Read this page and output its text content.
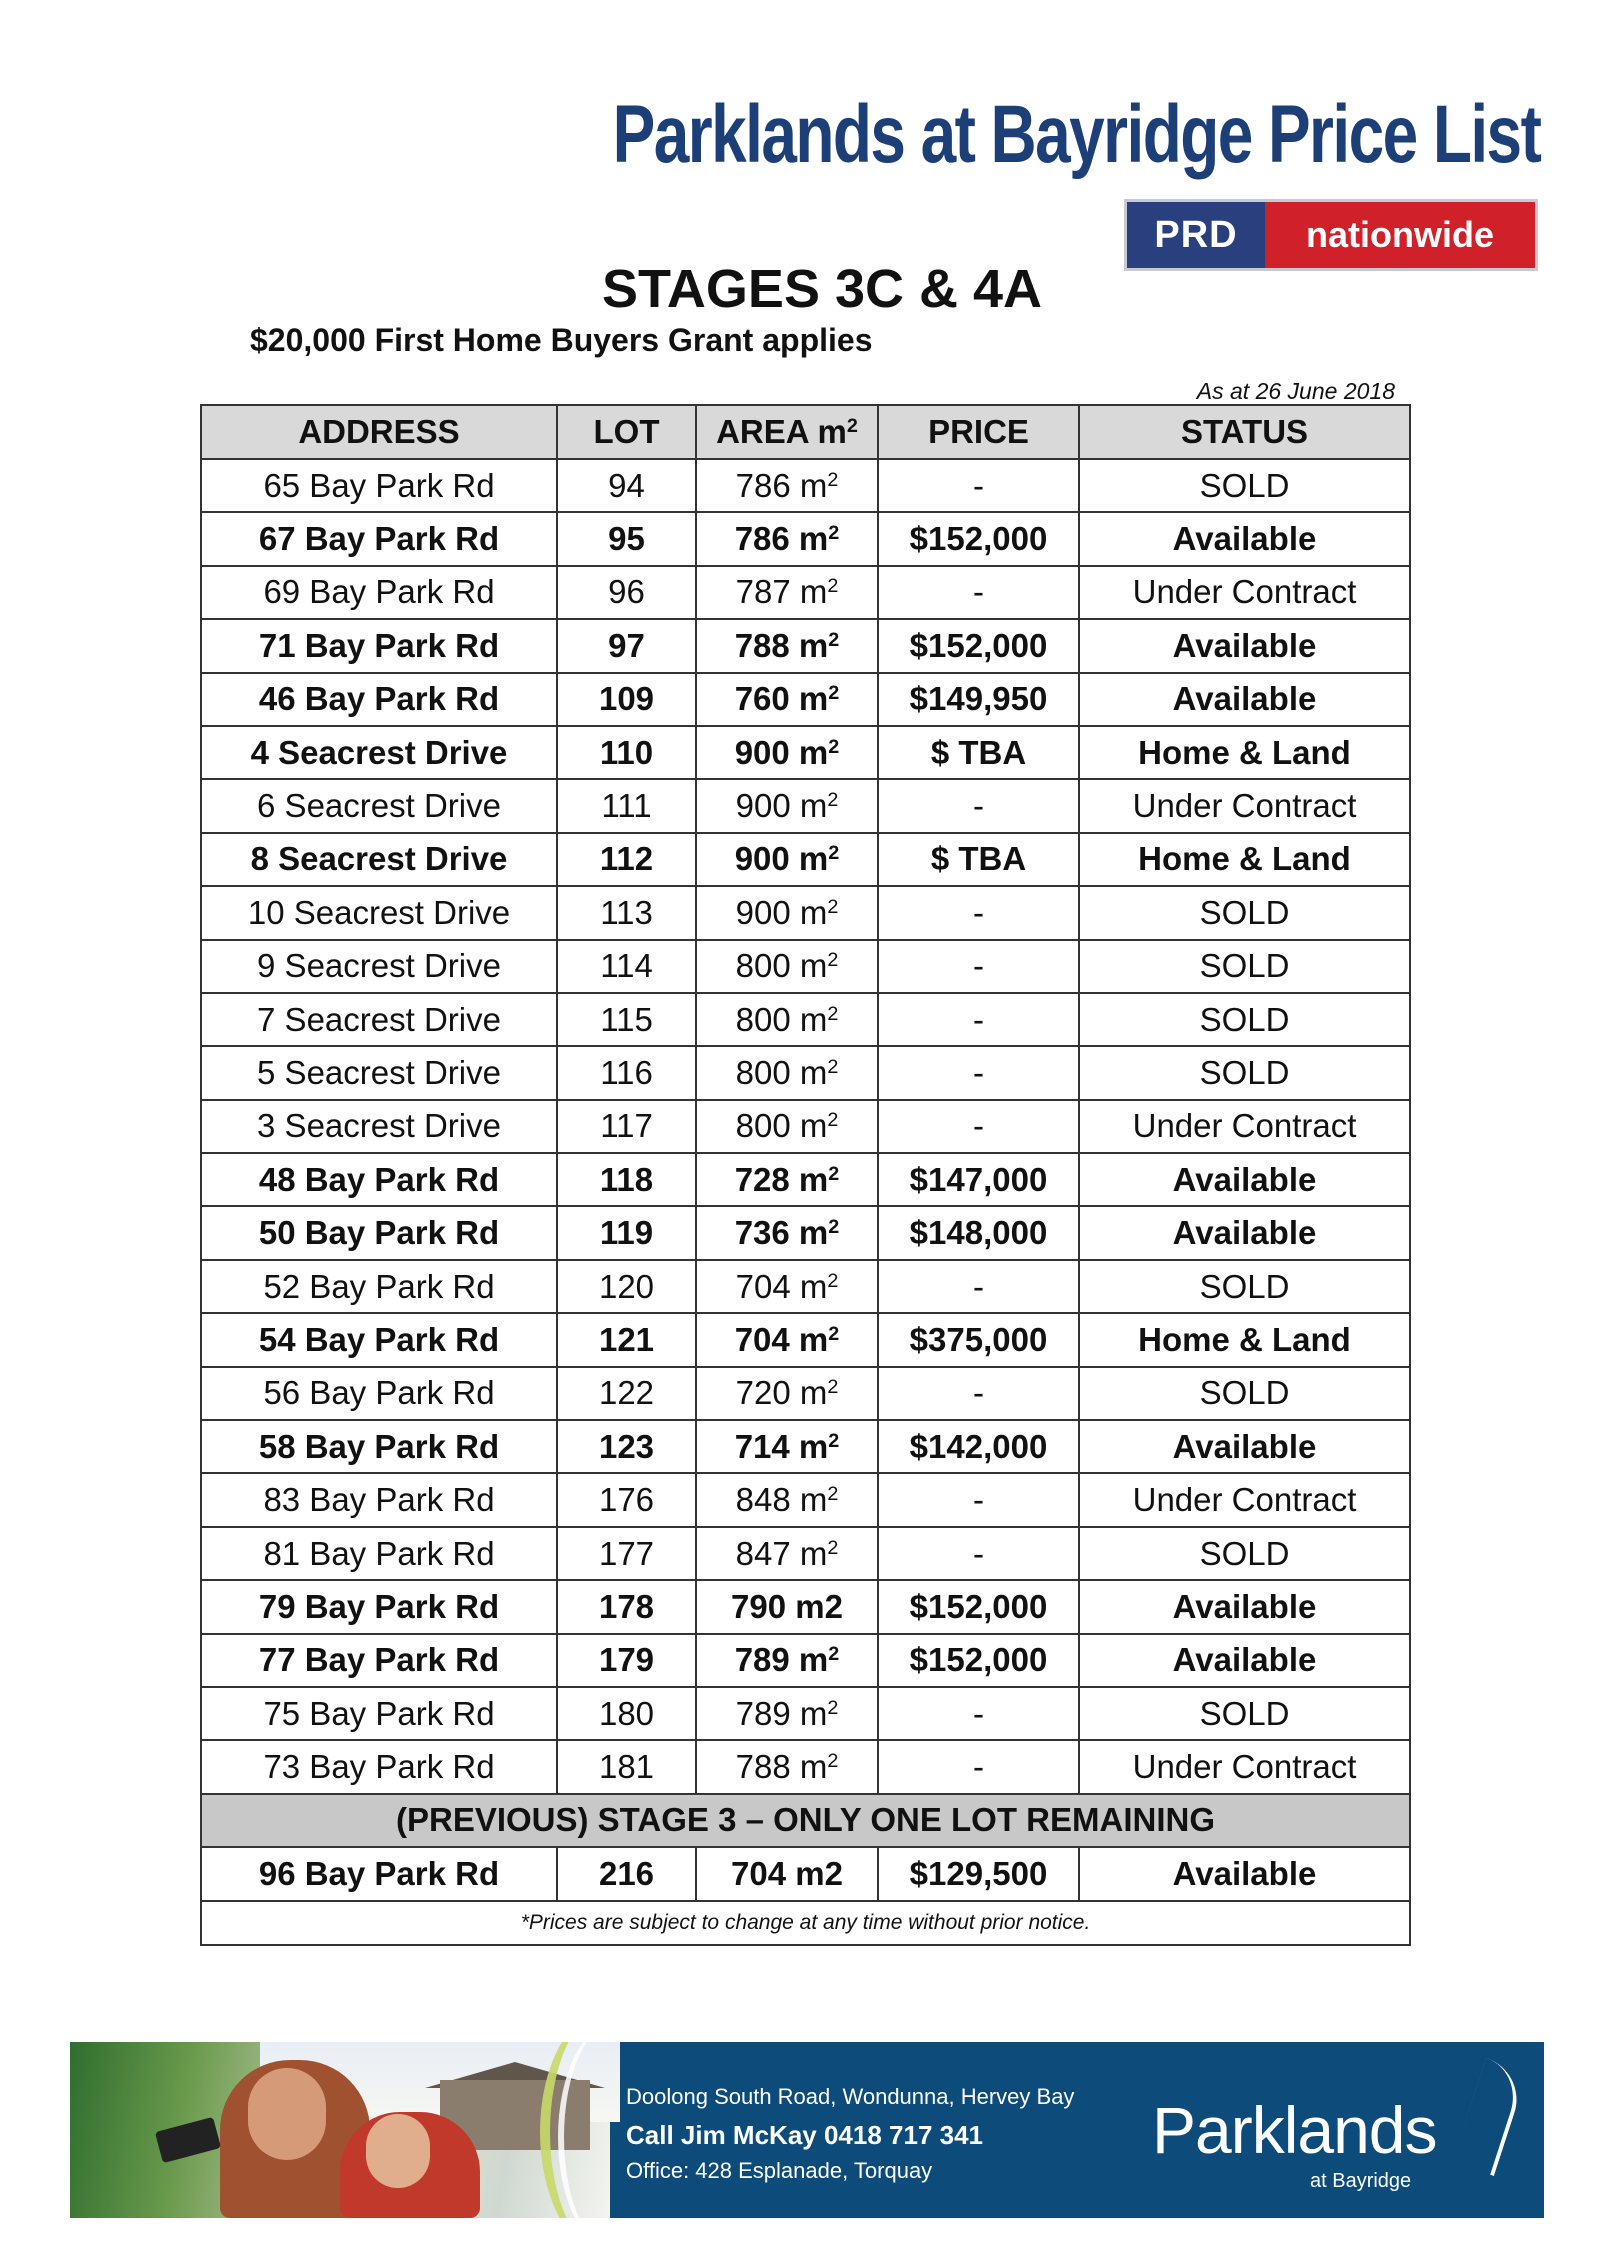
Parklands at Bayridge Price List
PRD	nationwide
STAGES 3C & 4A
$20,000 First Home Buyers Grant applies
As at 26 June 2018
ADDRESS	LOT	AREA $m^2$	PRICE	STATUS
65 Bay Park Rd	94	786 $m^2$	-	SOLD
67 Bay Park Rd	95	786 $m^2$	$152,000	Available
69 Bay Park Rd	96	787 $m^2$	-	Under Contract
71 Bay Park Rd	97	788 $m^2$	$152,000	Available
46 Bay Park Rd	109	760 $m^2$	$149,950	Available
4 Seacrest Drive	110	900 $m^2$	$ TBA	Home & Land
6 Seacrest Drive	111	900 $m^2$	-	Under Contract
8 Seacrest Drive	112	900 $m^2$	$ TBA	Home & Land
10 Seacrest Drive	113	900 $m^2$	-	SOLD
9 Seacrest Drive	114	800 $m^2$	-	SOLD
7 Seacrest Drive	115	800 $m^2$	-	SOLD
5 Seacrest Drive	116	800 $m^2$	-	SOLD
3 Seacrest Drive	117	800 $m^2$	-	Under Contract
48 Bay Park Rd	118	728 $m^2$	$147,000	Available
50 Bay Park Rd	119	736 $m^2$	$148,000	Available
52 Bay Park Rd	120	704 $m^2$	-	SOLD
54 Bay Park Rd	121	704 $m^2$	$375,000	Home & Land
56 Bay Park Rd	122	720 $m^2$	-	SOLD
58 Bay Park Rd	123	714 $m^2$	$142,000	Available
83 Bay Park Rd	176	848 $m^2$	-	Under Contract
81 Bay Park Rd	177	847 $m^2$	-	SOLD
79 Bay Park Rd	178	790 m2	$152,000	Available
77 Bay Park Rd	179	789 $m^2$	$152,000	Available
75 Bay Park Rd	180	789 $m^2$	-	SOLD
73 Bay Park Rd	181	788 $m^2$	-	Under Contract
(PREVIOUS) STAGE 3 – ONLY ONE LOT REMAINING				
96 Bay Park Rd	216	704 m2	$129,500	Available
*Prices are subject to change at any time without prior notice.				
Doolong South Road, Wondunna, Hervey Bay
Call Jim McKay 0418 717 341
Office: 428 Esplanade, Torquay
Parklands
at Bayridge
